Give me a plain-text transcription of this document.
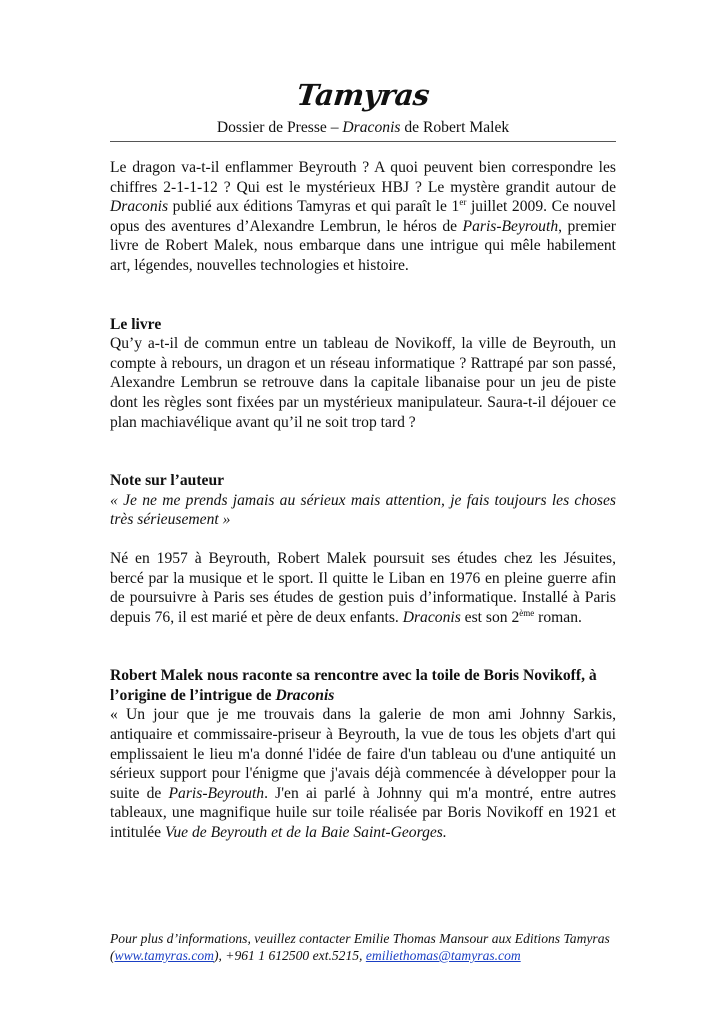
Tamyras
Dossier de Presse – Draconis de Robert Malek

Le dragon va-t-il enflammer Beyrouth ? A quoi peuvent bien correspondre les chiffres 2-1-1-12 ? Qui est le mystérieux HBJ ? Le mystère grandit autour de Draconis publié aux éditions Tamyras et qui paraît le 1er juillet 2009. Ce nouvel opus des aventures d’Alexandre Lembrun, le héros de Paris-Beyrouth, premier livre de Robert Malek, nous embarque dans une intrigue qui mêle habilement art, légendes, nouvelles technologies et histoire.

Le livre

Qu’y a-t-il de commun entre un tableau de Novikoff, la ville de Beyrouth, un compte à rebours, un dragon et un réseau informatique ? Rattrapé par son passé, Alexandre Lembrun se retrouve dans la capitale libanaise pour un jeu de piste dont les règles sont fixées par un mystérieux manipulateur. Saura-t-il déjouer ce plan machiavélique avant qu’il ne soit trop tard ?

Note sur l’auteur

« Je ne me prends jamais au sérieux mais attention, je fais toujours les choses très sérieusement »

Né en 1957 à Beyrouth, Robert Malek poursuit ses études chez les Jésuites, bercé par la musique et le sport. Il quitte le Liban en 1976 en pleine guerre afin de poursuivre à Paris ses études de gestion puis d’informatique. Installé à Paris depuis 76, il est marié et père de deux enfants. Draconis est son 2ème roman.

Robert Malek nous raconte sa rencontre avec la toile de Boris Novikoff, à l’origine de l’intrigue de Draconis

« Un jour que je me trouvais dans la galerie de mon ami Johnny Sarkis, antiquaire et commissaire-priseur à Beyrouth, la vue de tous les objets d'art qui emplissaient le lieu m'a donné l'idée de faire d'un tableau ou d'une antiquité un sérieux support pour l'énigme que j'avais déjà commencée à développer pour la suite de Paris-Beyrouth. J'en ai parlé à Johnny qui m'a montré, entre autres tableaux, une magnifique huile sur toile réalisée par Boris Novikoff en 1921 et intitulée Vue de Beyrouth et de la Baie Saint-Georges.

Pour plus d’informations, veuillez contacter Emilie Thomas Mansour aux Editions Tamyras (www.tamyras.com), +961 1 612500 ext.5215, emiliethomas@tamyras.com
